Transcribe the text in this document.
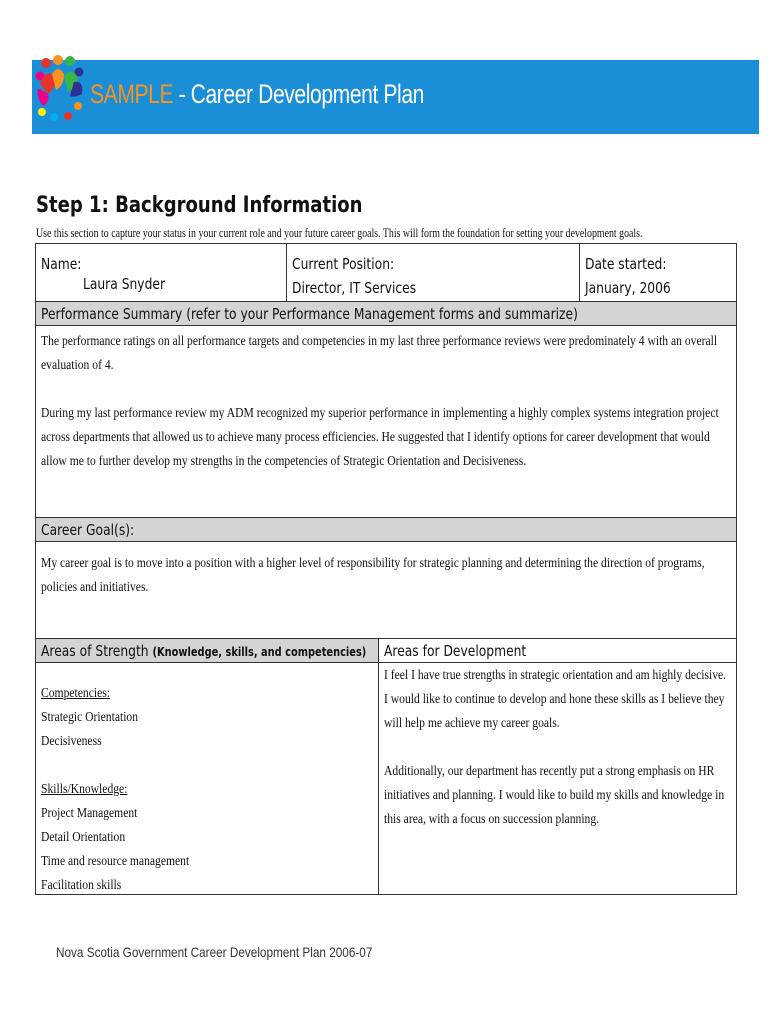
SAMPLE - Career Development Plan
Step 1: Background Information
Use this section to capture your status in your current role and your future career goals. This will form the foundation for setting your development goals.
Name:
Laura Snyder
Current Position:
Director, IT Services
Date started:
January, 2006
Performance Summary (refer to your Performance Management forms and summarize)

The performance ratings on all performance targets and competencies in my last three performance reviews were predominately 4 with an overall evaluation of 4.

During my last performance review my ADM recognized my superior performance in implementing a highly complex systems integration project across departments that allowed us to achieve many process efficiencies. He suggested that I identify options for career development that would allow me to further develop my strengths in the competencies of Strategic Orientation and Decisiveness.

Career Goal(s):

My career goal is to move into a position with a higher level of responsibility for strategic planning and determining the direction of programs, policies and initiatives.

Areas of Strength (Knowledge, skills, and competencies) Areas for Development

Competencies:

Strategic Orientation

Decisiveness

Skills/Knowledge:

Project Management

Detail Orientation

Time and resource management

Facilitation skills

I feel I have true strengths in strategic orientation and am highly decisive. I would like to continue to develop and hone these skills as I believe they will help me achieve my career goals.

Additionally, our department has recently put a strong emphasis on HR initiatives and planning. I would like to build my skills and knowledge in this area, with a focus on succession planning.

Nova Scotia Government Career Development Plan 2006-07
